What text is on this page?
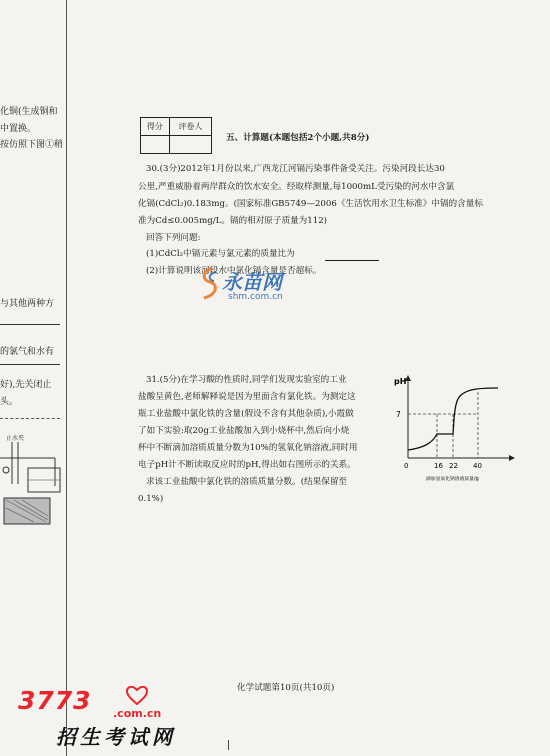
化铜(生成铜和
中置换。
按仿照下图①稍
与其他两种方
的氯气和水有
好),先关闭止
头。
止水夹
得分	评卷人

五、计算题(本题包括2个小题,共8分)
30.(3分)2012年1月份以来,广西龙江河镉污染事件备受关注。污染河段长达30
公里,严重威胁着两岸群众的饮水安全。经取样测量,每1000mL受污染的河水中含氯
化镉(CdCl₂)0.183mg。(国家标准GB5749—2006《生活饮用水卫生标准》中镉的含量标
准为Cd≤0.005mg/L。镉的相对原子质量为112)
回答下列问题:
(1)CdCl₂中镉元素与氯元素的质量比为
(2)计算说明该河段水中氯化镉含量是否超标。
永苗网
shm.com.cn
31.(5分)在学习酸的性质时,同学们发现实验室的工业
盐酸呈黄色,老师解释说是因为里面含有氯化铁。为测定这
瓶工业盐酸中氯化铁的含量(假设不含有其他杂质),小霞做
了如下实验:取20g工业盐酸加入到小烧杯中,然后向小烧
杯中不断滴加溶质质量分数为10%的氢氧化钠溶液,同时用
电子pH计不断读取反应时的pH,得出如右图所示的关系。
求该工业盐酸中氯化铁的溶质质量分数。(结果保留至
0.1%)
pH
7
0	16 22 40
滴加氢氧化钠溶液质量/g
化学试题第10页(共10页)
3773 .com.cn
招生考试网
